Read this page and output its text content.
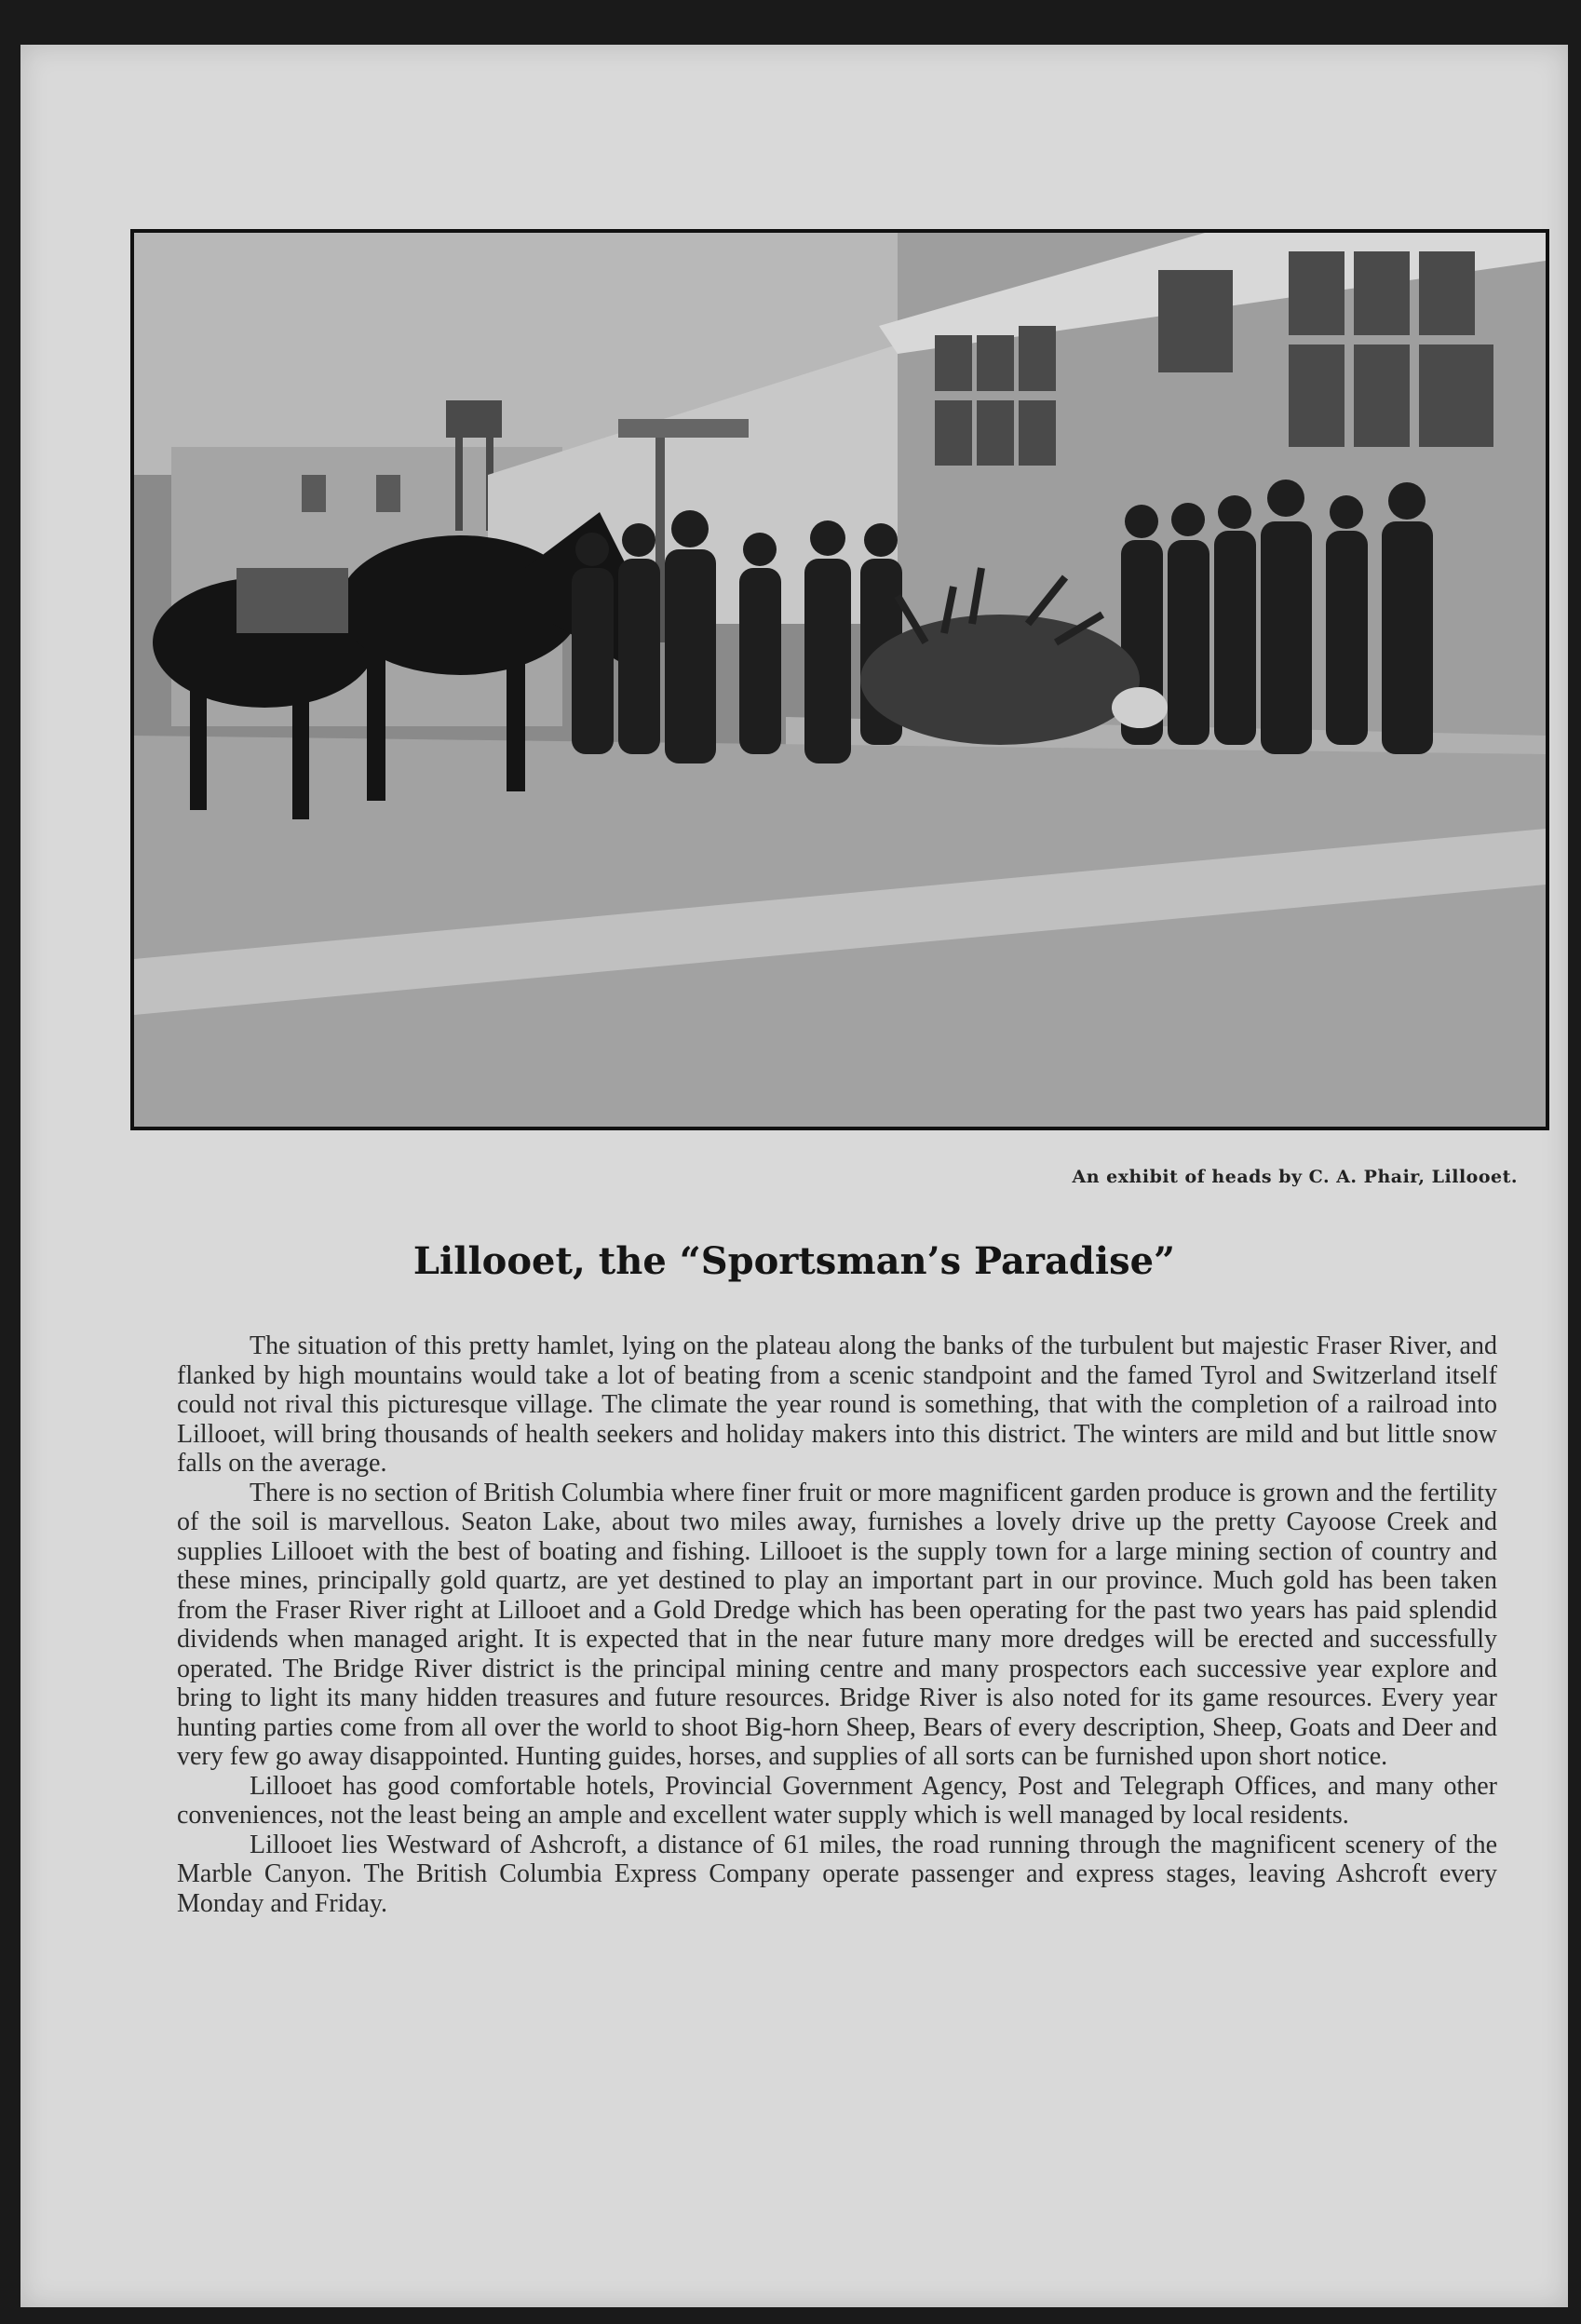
An exhibit of heads by C. A. Phair, Lillooet.
Lillooet, the “Sportsman’s Paradise”

The situation of this pretty hamlet, lying on the plateau along the banks of the turbulent but majestic Fraser River, and flanked by high mountains would take a lot of beating from a scenic standpoint and the famed Tyrol and Switzerland itself could not rival this picturesque village. The climate the year round is something, that with the completion of a railroad into Lillooet, will bring thousands of health seekers and holiday makers into this district. The winters are mild and but little snow falls on the average.

There is no section of British Columbia where finer fruit or more magnificent garden produce is grown and the fertility of the soil is marvellous. Seaton Lake, about two miles away, furnishes a lovely drive up the pretty Cayoose Creek and supplies Lillooet with the best of boating and fishing. Lillooet is the supply town for a large mining section of country and these mines, principally gold quartz, are yet destined to play an important part in our province. Much gold has been taken from the Fraser River right at Lillooet and a Gold Dredge which has been operating for the past two years has paid splendid dividends when managed aright. It is expected that in the near future many more dredges will be erected and successfully operated. The Bridge River district is the principal mining centre and many prospectors each successive year explore and bring to light its many hidden treasures and future resources. Bridge River is also noted for its game resources. Every year hunting parties come from all over the world to shoot Big-horn Sheep, Bears of every description, Sheep, Goats and Deer and very few go away disappointed. Hunting guides, horses, and supplies of all sorts can be furnished upon short notice.

Lillooet has good comfortable hotels, Provincial Government Agency, Post and Telegraph Offices, and many other conveniences, not the least being an ample and excellent water supply which is well managed by local residents.

Lillooet lies Westward of Ashcroft, a distance of 61 miles, the road running through the magnificent scenery of the Marble Canyon. The British Columbia Express Company operate passenger and express stages, leaving Ashcroft every Monday and Friday.
